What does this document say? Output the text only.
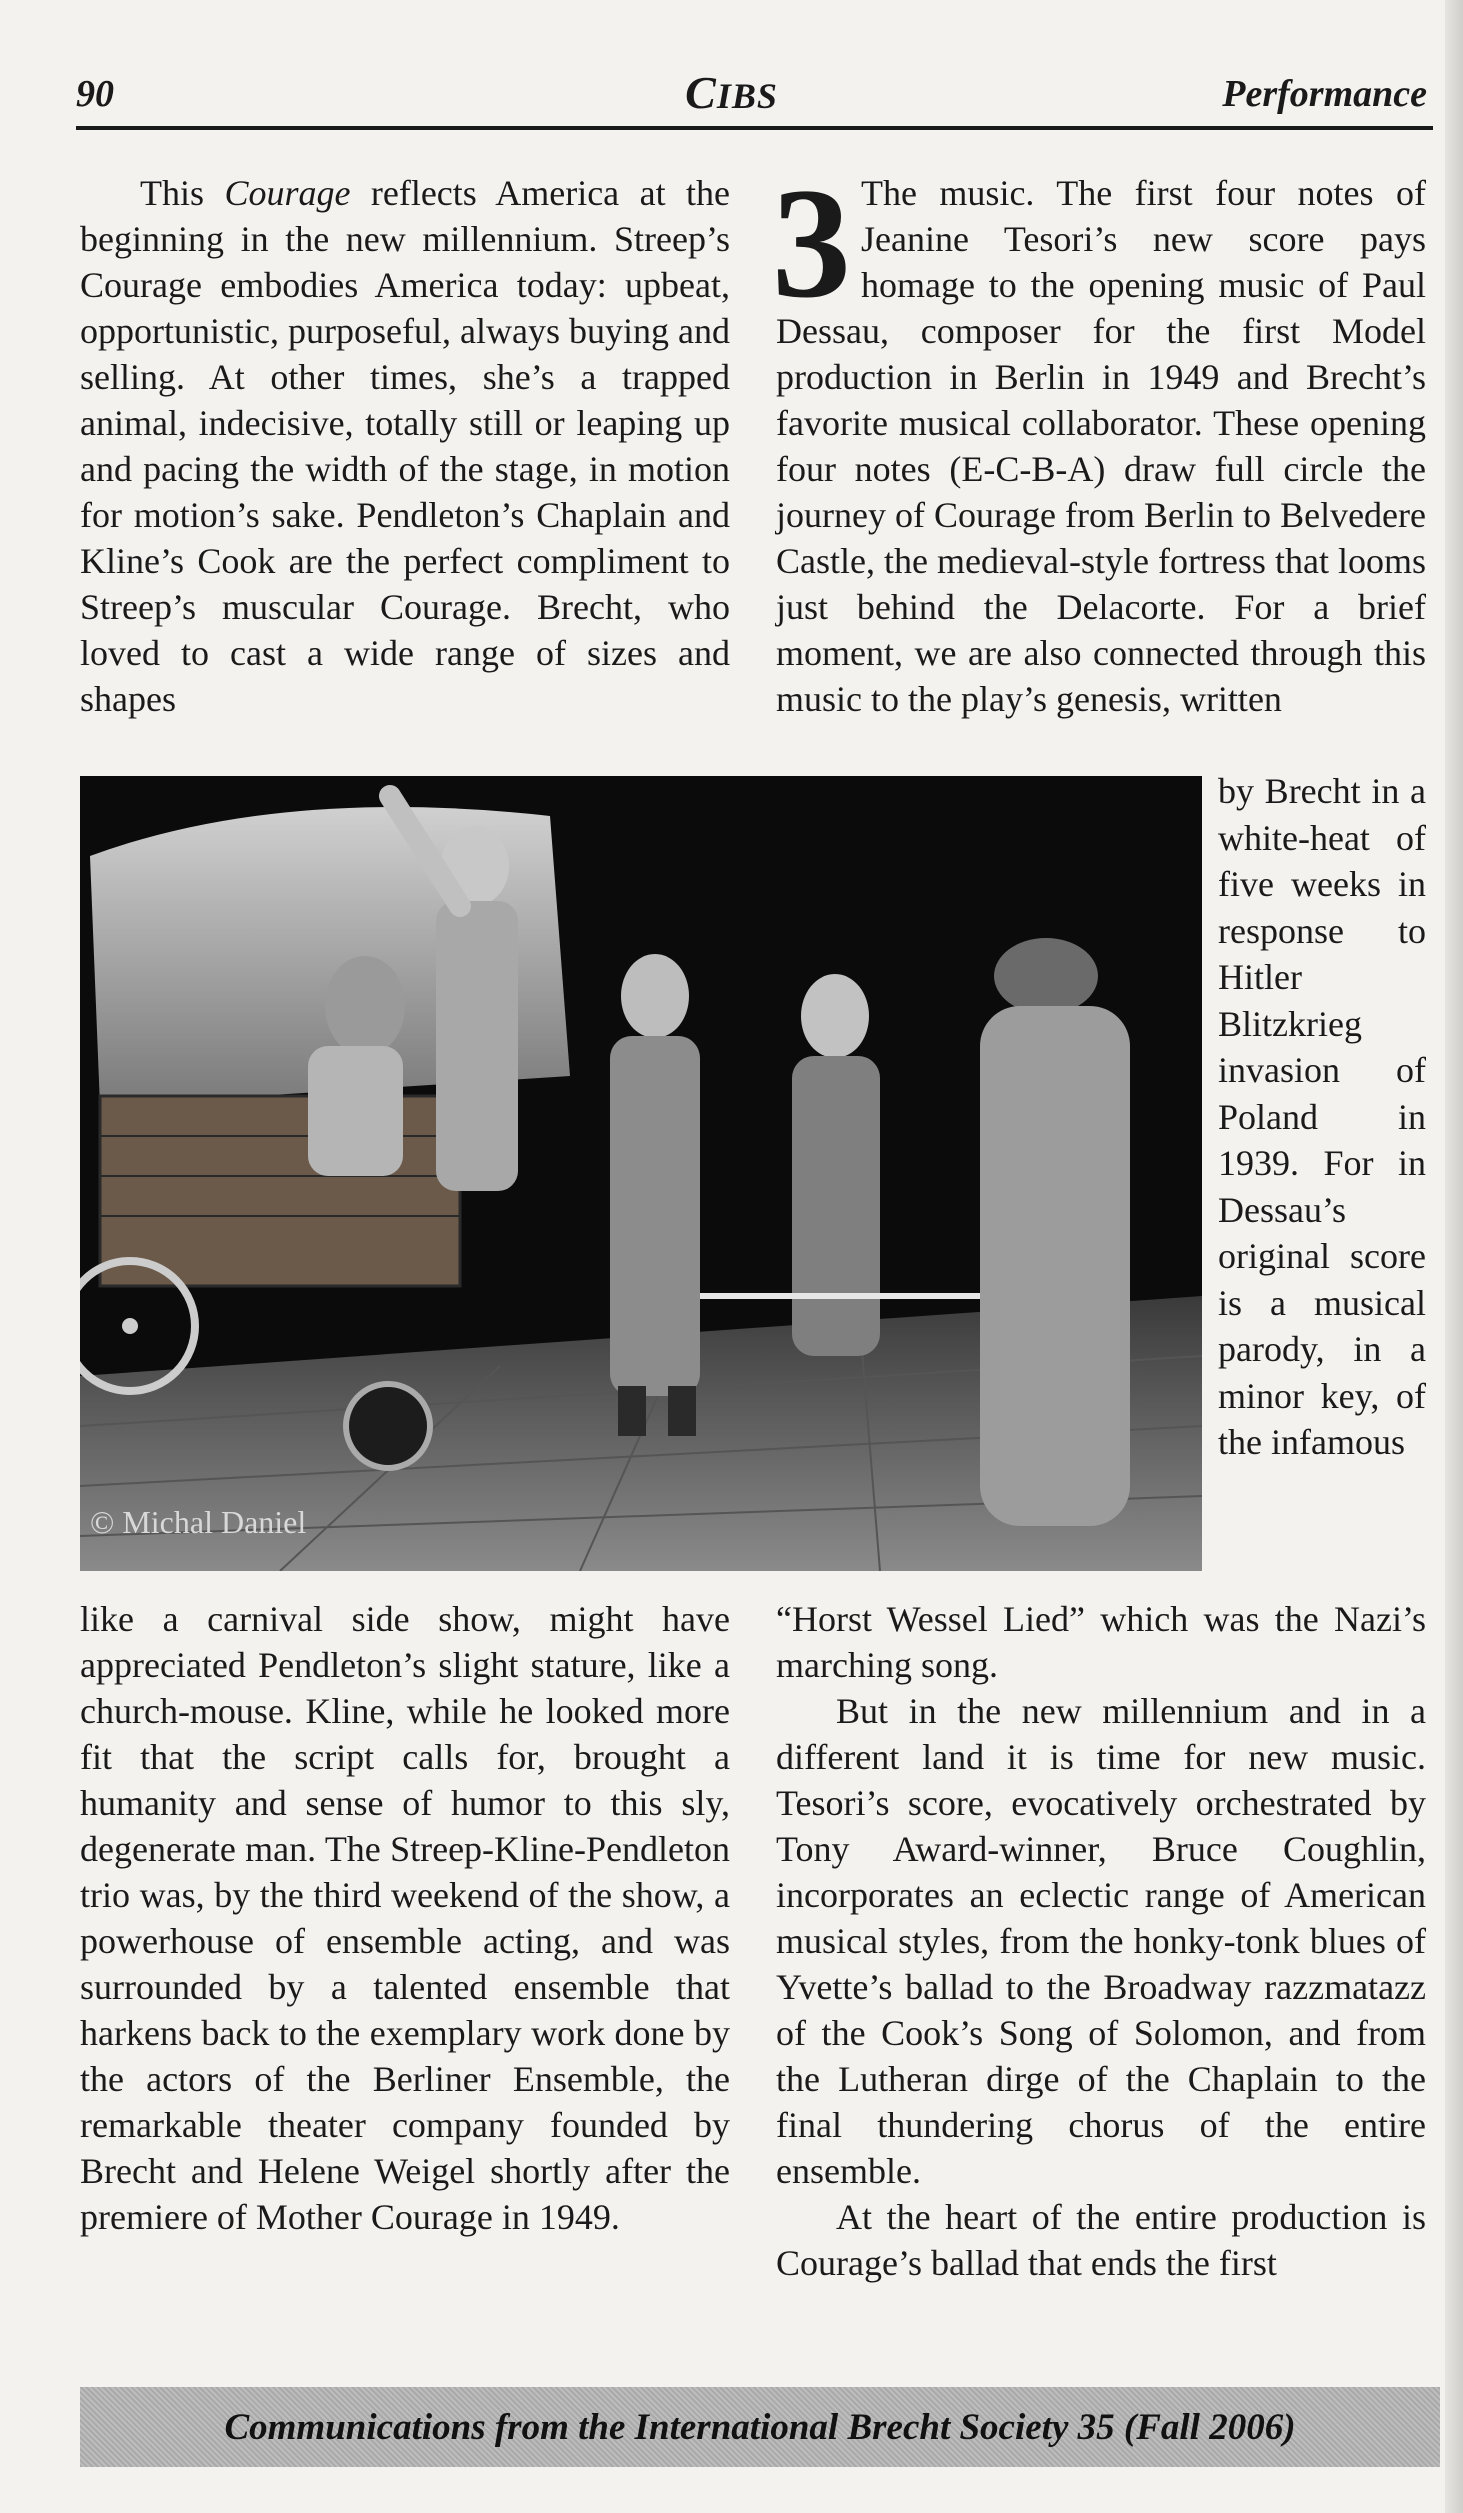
90	CIBS	Performance

This Courage reflects America at the beginning in the new millennium. Streep’s Courage embodies America today: upbeat, opportunistic, purposeful, always buying and selling. At other times, she’s a trapped animal, indecisive, totally still or leaping up and pacing the width of the stage, in motion for motion’s sake. Pendleton’s Chaplain and Kline’s Cook are the perfect compliment to Streep’s muscular Courage. Brecht, who loved to cast a wide range of sizes and shapes

3 The music. The first four notes of Jeanine Tesori’s new score pays homage to the opening music of Paul Dessau, composer for the first Model production in Berlin in 1949 and Brecht’s favorite musical collaborator. These opening four notes (E-C-B-A) draw full circle the journey of Courage from Berlin to Belvedere Castle, the medieval-style fortress that looms just behind the Delacorte. For a brief moment, we are also connected through this music to the play’s genesis, written

© Michal Daniel

by Brecht in a white-heat of five weeks in response to Hitler Blitzkrieg invasion of Poland in 1939. For in Dessau’s original score is a musical parody, in a minor key, of the infamous

like a carnival side show, might have appreciated Pendleton’s slight stature, like a church-mouse. Kline, while he looked more fit that the script calls for, brought a humanity and sense of humor to this sly, degenerate man. The Streep-Kline-Pendleton trio was, by the third weekend of the show, a powerhouse of ensemble acting, and was surrounded by a talented ensemble that harkens back to the exemplary work done by the actors of the Berliner Ensemble, the remarkable theater company founded by Brecht and Helene Weigel shortly after the premiere of Mother Courage in 1949.

“Horst Wessel Lied” which was the Nazi’s marching song.

But in the new millennium and in a different land it is time for new music. Tesori’s score, evocatively orchestrated by Tony Award-winner, Bruce Coughlin, incorporates an eclectic range of American musical styles, from the honky-tonk blues of Yvette’s ballad to the Broadway razzmatazz of the Cook’s Song of Solomon, and from the Lutheran dirge of the Chaplain to the final thundering chorus of the entire ensemble.

At the heart of the entire production is Courage’s ballad that ends the first

Communications from the International Brecht Society 35 (Fall 2006)
